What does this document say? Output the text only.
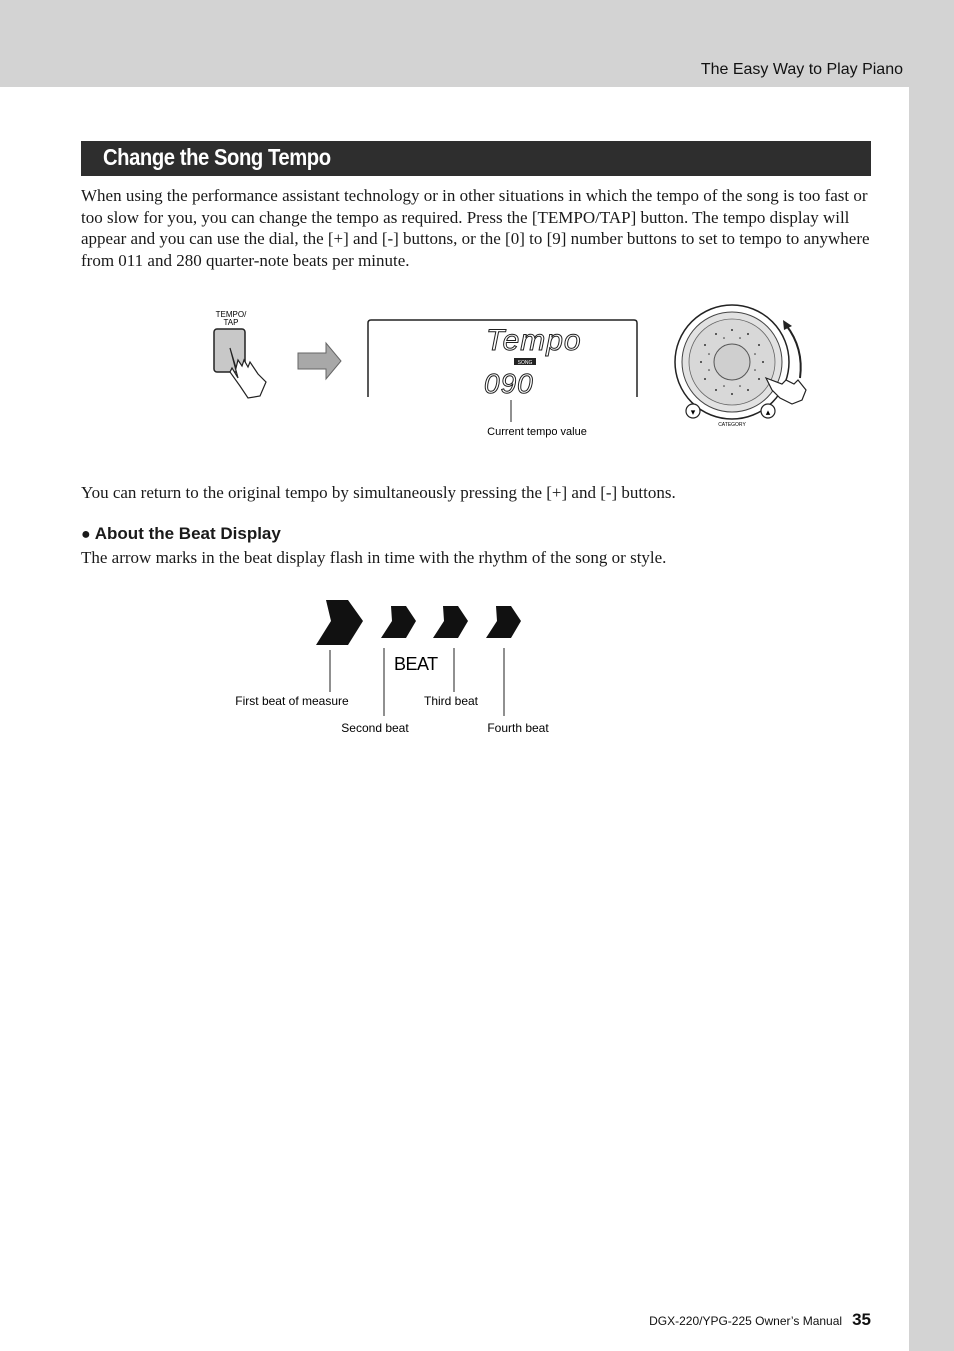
The Easy Way to Play Piano
Change the Song Tempo

When using the performance assistant technology or in other situations in which the tempo of the song is too fast or too slow for you, you can change the tempo as required. Press the [TEMPO/TAP] button. The tempo display will appear and you can use the dial, the [+] and [-] buttons, or the [0] to [9] number buttons to set to tempo to anywhere from 011 and 280 quarter-note beats per minute.

TEMPO/
TAP
Tempo
SONG
090
Current tempo value
▾	▴
CATEGORY

You can return to the original tempo by simultaneously pressing the [+] and [-] buttons.

● About the Beat Display

The arrow marks in the beat display flash in time with the rhythm of the song or style.

BEAT
First beat of measure
Second beat
Third beat
Fourth beat
DGX-220/YPG-225 Owner’s Manual 35
